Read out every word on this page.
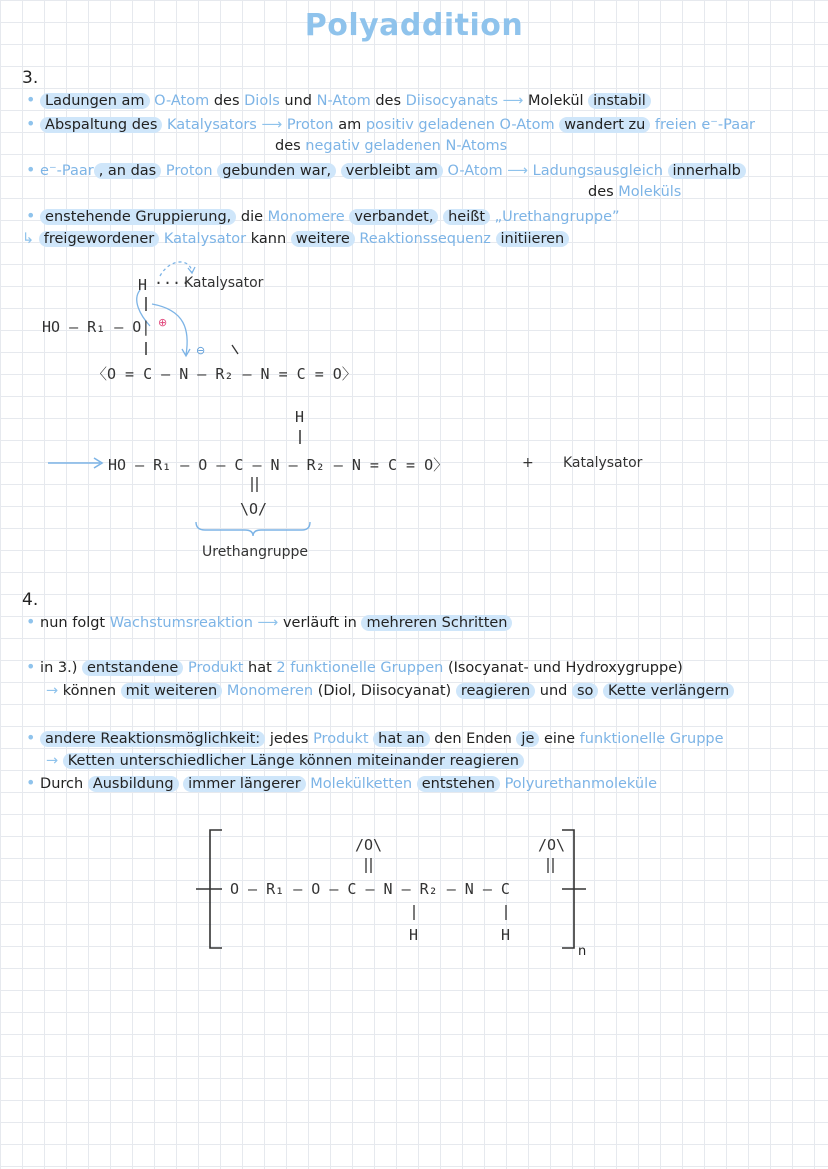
Polyaddition
3.
• Ladungen am O-Atom des Diols und N-Atom des Diisocyanats ⟶ Molekül instabil
• Abspaltung des Katalysators ⟶ Proton am positiv geladenen O-Atom wandert zu freien e⁻-Paar
des negativ geladenen N-Atoms
• e⁻-Paar , an das Proton gebunden war, verbleibt am O-Atom ⟶ Ladungsausgleich innerhalb
des Moleküls
• enstehende Gruppierung, die Monomere verbandet, heißt „Urethangruppe”
↳ freigewordener Katalysator kann weitere Reaktionssequenz initiieren
H ····
Katalysator
HO — R₁ — O| ⊕
⊖
〈O = C — N — R₂ — N = C = O〉
H
HO — R₁ — O — C — N — R₂ — N = C = O〉	+ Katalysator
\O/
Urethangruppe
4.
• nun folgt Wachstumsreaktion ⟶ verläuft in mehreren Schritten
• in 3.) entstandene Produkt hat 2 funktionelle Gruppen (Isocyanat- und Hydroxygruppe)
→ können mit weiteren Monomeren (Diol, Diisocyanat) reagieren und so Kette verlängern
• andere Reaktionsmöglichkeit: jedes Produkt hat an den Enden je eine funktionelle Gruppe
→ Ketten unterschiedlicher Länge können miteinander reagieren
• Durch Ausbildung immer längerer Molekülketten entstehen Polyurethanmoleküle
/O\	/O\
O — R₁ — O — C — N — R₂ — N — C
H	H
n
